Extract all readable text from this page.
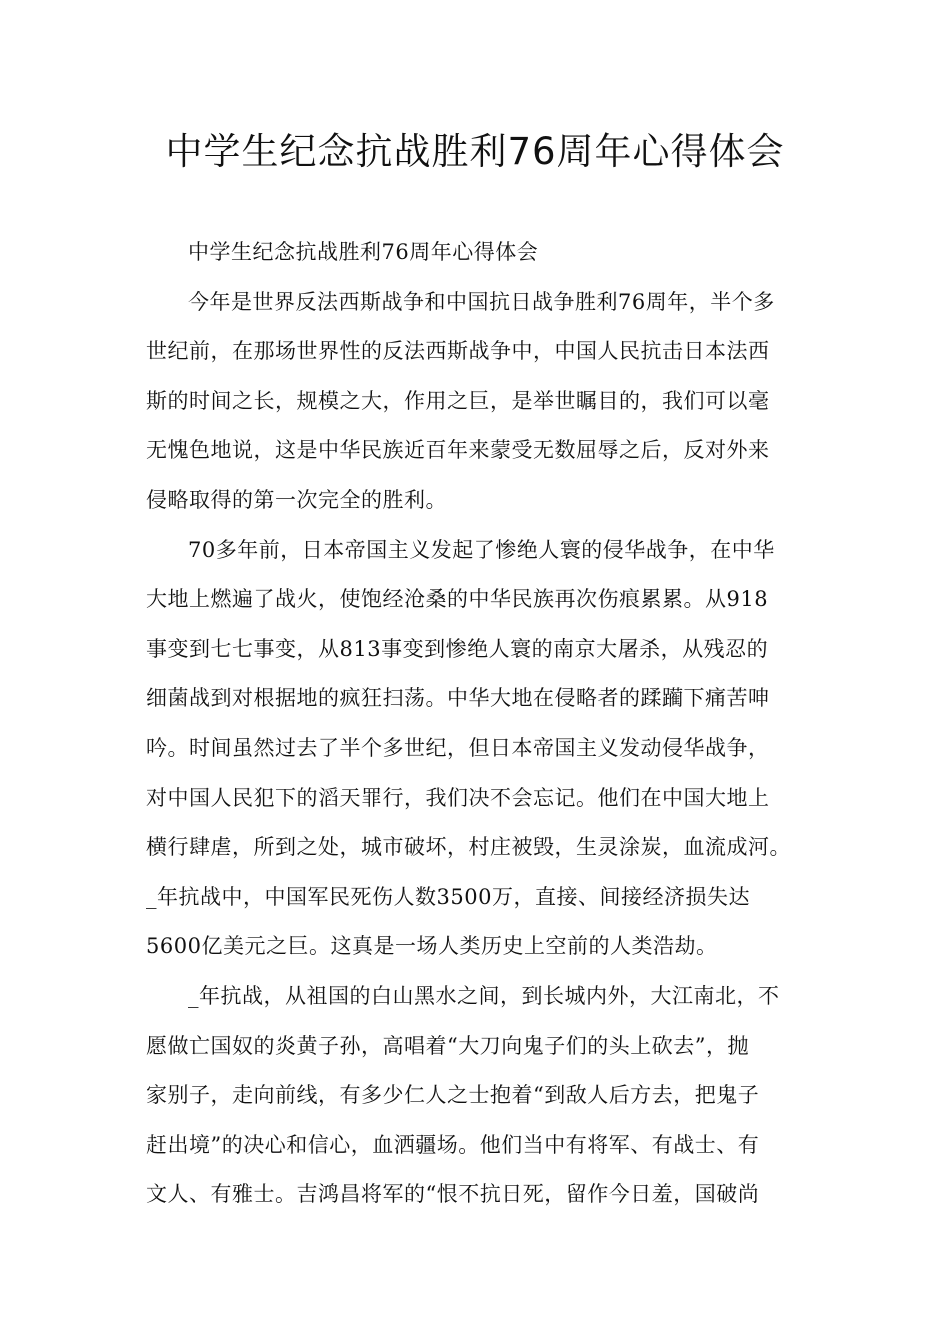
中学生纪念抗战胜利76周年心得体会
中学生纪念抗战胜利76周年心得体会
今年是世界反法西斯战争和中国抗日战争胜利76周年，半个多
世纪前，在那场世界性的反法西斯战争中，中国人民抗击日本法西
斯的时间之长，规模之大，作用之巨，是举世瞩目的，我们可以毫
无愧色地说，这是中华民族近百年来蒙受无数屈辱之后，反对外来
侵略取得的第一次完全的胜利。
70多年前，日本帝国主义发起了惨绝人寰的侵华战争，在中华
大地上燃遍了战火，使饱经沧桑的中华民族再次伤痕累累。从918
事变到七七事变，从813事变到惨绝人寰的南京大屠杀，从残忍的
细菌战到对根据地的疯狂扫荡。中华大地在侵略者的蹂躏下痛苦呻
吟。时间虽然过去了半个多世纪，但日本帝国主义发动侵华战争，
对中国人民犯下的滔天罪行，我们决不会忘记。他们在中国大地上
横行肆虐，所到之处，城市破坏，村庄被毁，生灵涂炭，血流成河。
_年抗战中，中国军民死伤人数3500万，直接、间接经济损失达
5600亿美元之巨。这真是一场人类历史上空前的人类浩劫。
_年抗战，从祖国的白山黑水之间，到长城内外，大江南北，不
愿做亡国奴的炎黄子孙，高唱着“大刀向鬼子们的头上砍去”，抛
家别子，走向前线，有多少仁人之士抱着“到敌人后方去，把鬼子
赶出境”的决心和信心，血洒疆场。他们当中有将军、有战士、有
文人、有雅士。吉鸿昌将军的“恨不抗日死，留作今日羞，国破尚
